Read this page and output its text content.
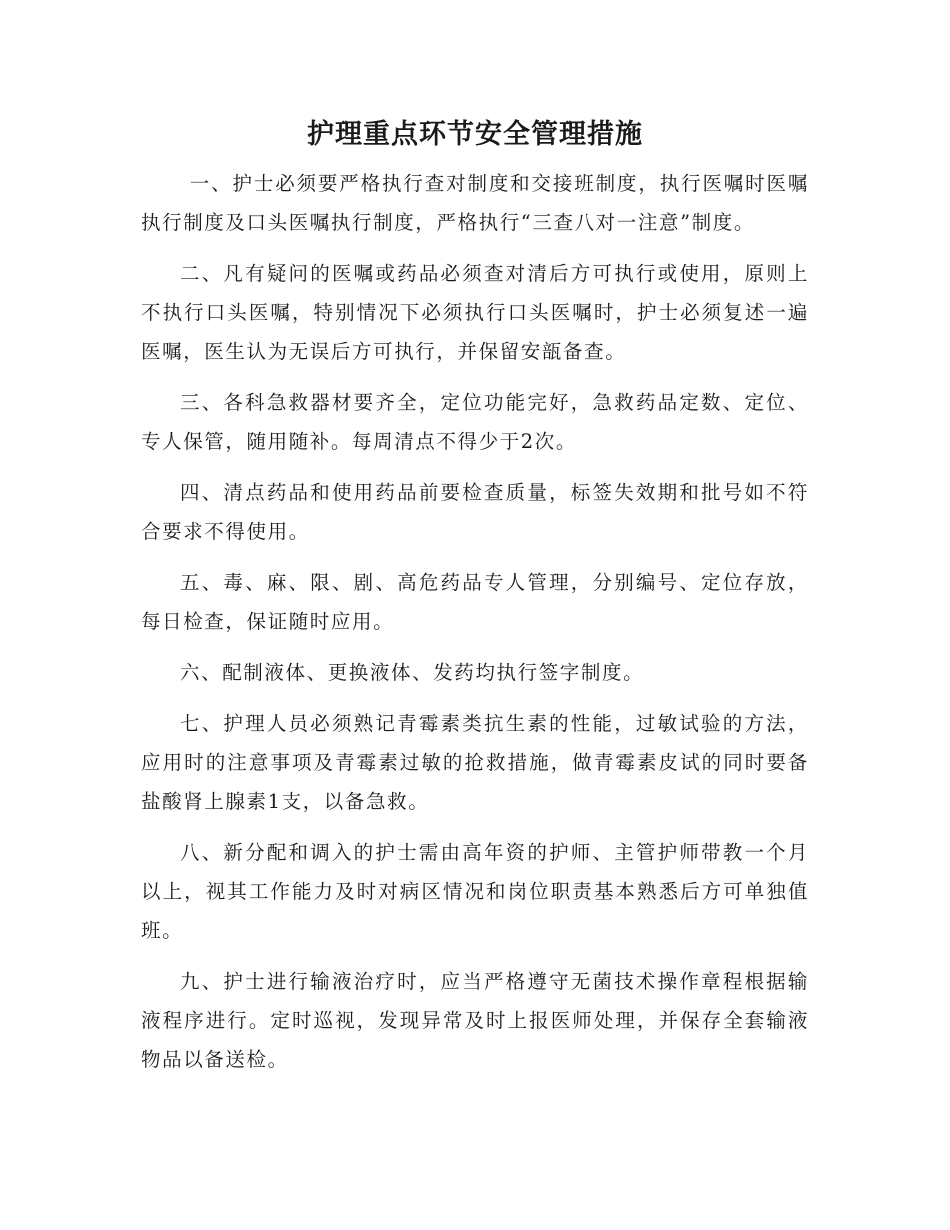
护理重点环节安全管理措施

一、护士必须要严格执行查对制度和交接班制度，执行医嘱时医嘱执行制度及口头医嘱执行制度，严格执行“三查八对一注意”制度。

二、凡有疑问的医嘱或药品必须查对清后方可执行或使用，原则上不执行口头医嘱，特别情况下必须执行口头医嘱时，护士必须复述一遍医嘱，医生认为无误后方可执行，并保留安瓿备查。

三、各科急救器材要齐全，定位功能完好，急救药品定数、定位、专人保管，随用随补。每周清点不得少于2次。

四、清点药品和使用药品前要检查质量，标签失效期和批号如不符合要求不得使用。

五、毒、麻、限、剧、高危药品专人管理，分别编号、定位存放，每日检查，保证随时应用。

六、配制液体、更换液体、发药均执行签字制度。

七、护理人员必须熟记青霉素类抗生素的性能，过敏试验的方法，应用时的注意事项及青霉素过敏的抢救措施，做青霉素皮试的同时要备盐酸肾上腺素1支，以备急救。

八、新分配和调入的护士需由高年资的护师、主管护师带教一个月以上，视其工作能力及时对病区情况和岗位职责基本熟悉后方可单独值班。

九、护士进行输液治疗时，应当严格遵守无菌技术操作章程根据输液程序进行。定时巡视，发现异常及时上报医师处理，并保存全套输液物品以备送检。
